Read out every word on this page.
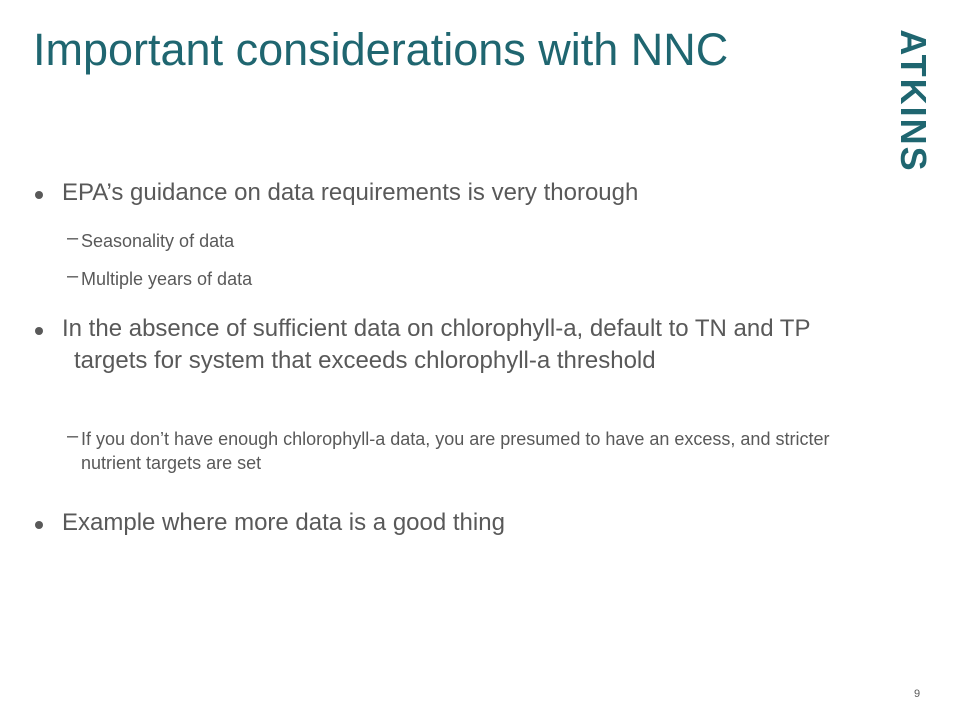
Important considerations with NNC	ATKINS
EPA’s guidance on data requirements is very thorough
– Seasonality of data
– Multiple years of data
In the absence of sufficient data on chlorophyll-a, default to TN and TP targets for system that exceeds chlorophyll-a threshold
– If you don’t have enough chlorophyll-a data, you are presumed to have an excess, and stricter nutrient targets are set
Example where more data is a good thing
9
